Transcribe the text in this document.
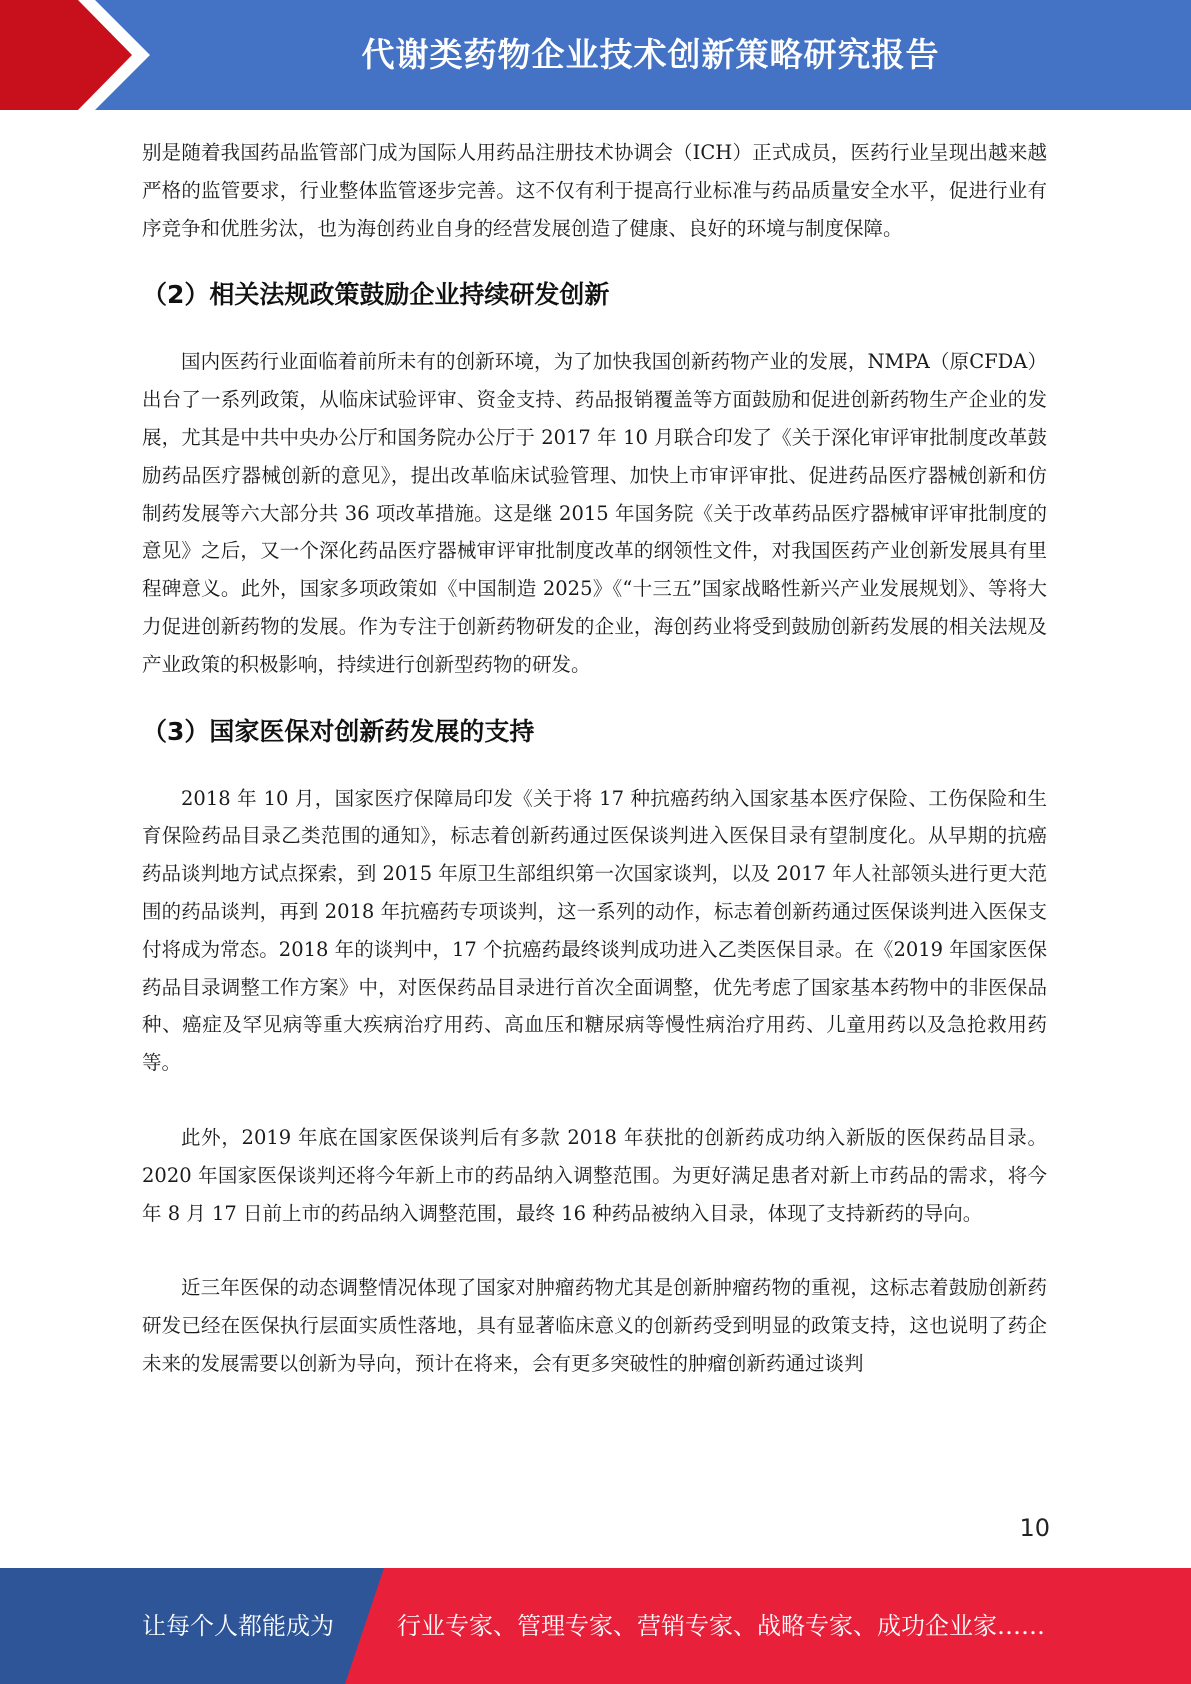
代谢类药物企业技术创新策略研究报告

别是随着我国药品监管部门成为国际人用药品注册技术协调会（ICH）正式成员，医药行业呈现出越来越严格的监管要求，行业整体监管逐步完善。这不仅有利于提高行业标准与药品质量安全水平，促进行业有序竞争和优胜劣汰，也为海创药业自身的经营发展创造了健康、良好的环境与制度保障。

（2）相关法规政策鼓励企业持续研发创新

国内医药行业面临着前所未有的创新环境，为了加快我国创新药物产业的发展，NMPA（原CFDA）出台了一系列政策，从临床试验评审、资金支持、药品报销覆盖等方面鼓励和促进创新药物生产企业的发展，尤其是中共中央办公厅和国务院办公厅于 2017 年 10 月联合印发了《关于深化审评审批制度改革鼓励药品医疗器械创新的意见》，提出改革临床试验管理、加快上市审评审批、促进药品医疗器械创新和仿制药发展等六大部分共 36 项改革措施。这是继 2015 年国务院《关于改革药品医疗器械审评审批制度的意见》之后，又一个深化药品医疗器械审评审批制度改革的纲领性文件，对我国医药产业创新发展具有里程碑意义。此外，国家多项政策如《中国制造 2025》《“十三五”国家战略性新兴产业发展规划》、等将大力促进创新药物的发展。作为专注于创新药物研发的企业，海创药业将受到鼓励创新药发展的相关法规及产业政策的积极影响，持续进行创新型药物的研发。

（3）国家医保对创新药发展的支持

2018 年 10 月，国家医疗保障局印发《关于将 17 种抗癌药纳入国家基本医疗保险、工伤保险和生育保险药品目录乙类范围的通知》，标志着创新药通过医保谈判进入医保目录有望制度化。从早期的抗癌药品谈判地方试点探索，到 2015 年原卫生部组织第一次国家谈判，以及 2017 年人社部领头进行更大范围的药品谈判，再到 2018 年抗癌药专项谈判，这一系列的动作，标志着创新药通过医保谈判进入医保支付将成为常态。2018 年的谈判中，17 个抗癌药最终谈判成功进入乙类医保目录。在《2019 年国家医保药品目录调整工作方案》中，对医保药品目录进行首次全面调整，优先考虑了国家基本药物中的非医保品种、癌症及罕见病等重大疾病治疗用药、高血压和糖尿病等慢性病治疗用药、儿童用药以及急抢救用药等。

此外，2019 年底在国家医保谈判后有多款 2018 年获批的创新药成功纳入新版的医保药品目录。2020 年国家医保谈判还将今年新上市的药品纳入调整范围。为更好满足患者对新上市药品的需求，将今年 8 月 17 日前上市的药品纳入调整范围，最终 16 种药品被纳入目录，体现了支持新药的导向。

近三年医保的动态调整情况体现了国家对肿瘤药物尤其是创新肿瘤药物的重视，这标志着鼓励创新药研发已经在医保执行层面实质性落地，具有显著临床意义的创新药受到明显的政策支持，这也说明了药企未来的发展需要以创新为导向，预计在将来，会有更多突破性的肿瘤创新药通过谈判

10
让每个人都能成为	行业专家、管理专家、营销专家、战略专家、成功企业家……
